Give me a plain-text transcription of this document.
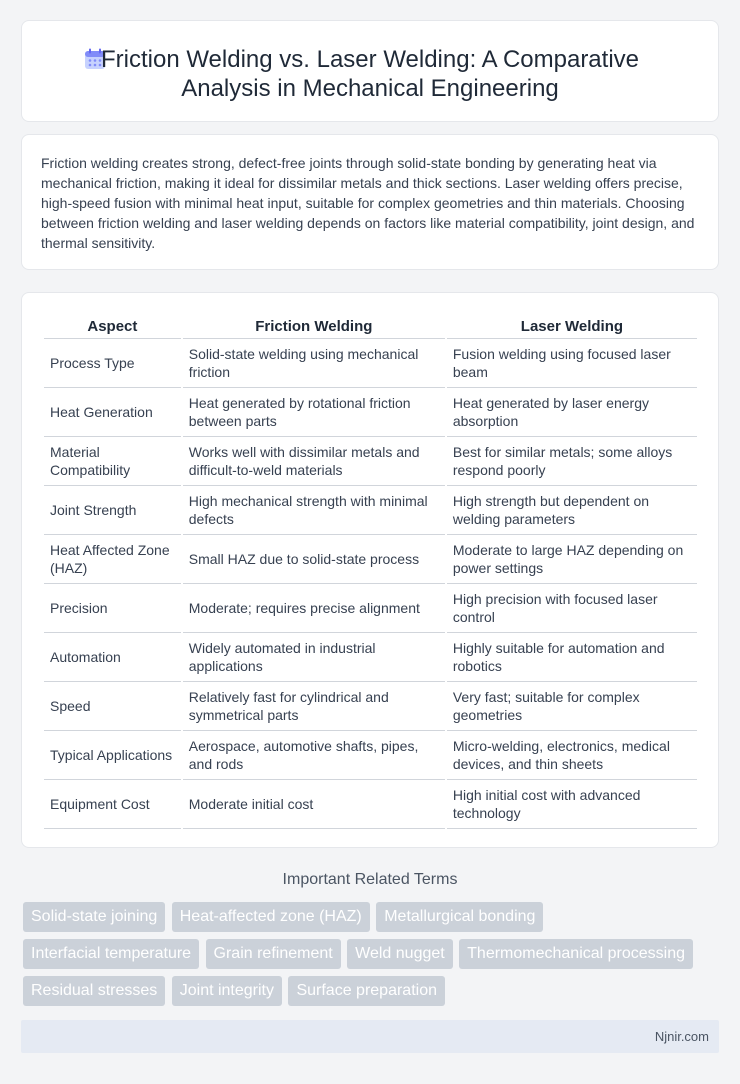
Friction Welding vs. Laser Welding: A Comparative Analysis in Mechanical Engineering

Friction welding creates strong, defect-free joints through solid-state bonding by generating heat via mechanical friction, making it ideal for dissimilar metals and thick sections. Laser welding offers precise, high-speed fusion with minimal heat input, suitable for complex geometries and thin materials. Choosing between friction welding and laser welding depends on factors like material compatibility, joint design, and thermal sensitivity.

Aspect	Friction Welding	Laser Welding
Process Type	Solid-state welding using mechanical friction	Fusion welding using focused laser beam
Heat Generation	Heat generated by rotational friction between parts	Heat generated by laser energy absorption
Material Compatibility	Works well with dissimilar metals and difficult-to-weld materials	Best for similar metals; some alloys respond poorly
Joint Strength	High mechanical strength with minimal defects	High strength but dependent on welding parameters
Heat Affected Zone (HAZ)	Small HAZ due to solid-state process	Moderate to large HAZ depending on power settings
Precision	Moderate; requires precise alignment	High precision with focused laser control
Automation	Widely automated in industrial applications	Highly suitable for automation and robotics
Speed	Relatively fast for cylindrical and symmetrical parts	Very fast; suitable for complex geometries
Typical Applications	Aerospace, automotive shafts, pipes, and rods	Micro-welding, electronics, medical devices, and thin sheets
Equipment Cost	Moderate initial cost	High initial cost with advanced technology
Important Related Terms
Solid-state joining Heat-affected zone (HAZ) Metallurgical bonding Interfacial temperature Grain refinement Weld nugget Thermomechanical processing Residual stresses Joint integrity Surface preparation
Njnir.com
